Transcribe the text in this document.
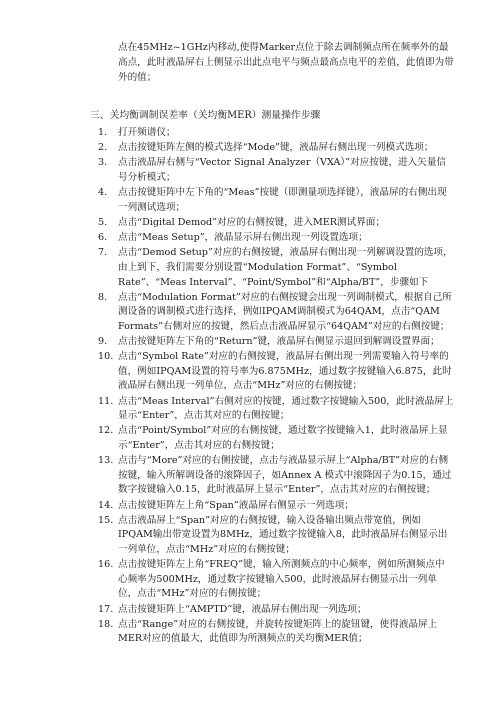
点在45MHz~1GHz内移动,使得Marker点位于除去调制频点所在频率外的最高点，此时液晶屏右上侧显示出此点电平与频点最高点电平的差值，此值即为带外的值；

三、关均衡调制误差率（关均衡MER）测量操作步骤
1.	打开频谱仪；
2.	点击按键矩阵左侧的模式选择“Mode”键，液晶屏右侧出现一列模式选项；
3.	点击液晶屏右侧与“Vector Signal Analyzer（VXA）”对应按键，进入矢量信号分析模式；
4.	点击按键矩阵中左下角的“Meas”按键（即测量项选择键），液晶屏的右侧出现一列测试选项；
5.	点击“Digital Demod”对应的右侧按键，进入MER测试界面；
6.	点击“Meas Setup”，液晶显示屏右侧出现一列设置选项；
7.	点击“Demod Setup”对应的右侧按键，液晶屏右侧出现一列解调设置的选项，由上到下，我们需要分别设置“Modulation Format”、“Symbol Rate”、“Meas Interval”、“Point/Symbol”和“Alpha/BT”，步骤如下
8.	点击“Modulation Format”对应的右侧按键会出现一列调制模式，根据自己所测设备的调制模式进行选择，例如IPQAM调制模式为64QAM，点击“QAM Formats”右侧对应的按键，然后点击液晶屏显示“64QAM”对应的右侧按键；
9.	点击按键矩阵左下角的“Return”键，液晶屏右侧显示退回到解调设置界面；
10. 点击“Symbol Rate”对应的右侧按键，液晶屏右侧出现一列需要输入符号率的值，例如IPQAM设置的符号率为6.875MHz，通过数字按键输入6.875，此时液晶屏右侧出现一列单位，点击“MHz”对应的右侧按键；
11. 点击“Meas Interval”右侧对应的按键，通过数字按键输入500，此时液晶屏上显示“Enter”，点击其对应的右侧按键；
12. 点击“Point/Symbol”对应的右侧按键，通过数字按键输入1，此时液晶屏上显示“Enter”，点击其对应的右侧按键；
13. 点击与“More”对应的右侧按键，点击与液晶显示屏上“Alpha/BT”对应的右侧按键，输入所解调设备的滚降因子，如Annex A 模式中滚降因子为0.15，通过数字按键输入0.15，此时液晶屏上显示“Enter”，点击其对应的右侧按键；
14. 点击按键矩阵左上角“Span”液晶屏右侧显示一列选项；
15. 点击液晶屏上“Span”对应的右侧按键，输入设备输出频点带宽值，例如IPQAM输出带宽设置为8MHz，通过数字按键输入8，此时液晶屏右侧显示出一列单位，点击“MHz”对应的右侧按键；
16. 点击按键矩阵左上角“FREQ”键，输入所测频点的中心频率，例如所测频点中心频率为500MHz，通过数字按键输入500，此时液晶屏右侧显示出一列单位，点击“MHz”对应的右侧按键；
17. 点击按键矩阵上“AMPTD”键，液晶屏右侧出现一列选项；
18. 点击“Range”对应的右侧按键，并旋转按键矩阵上的旋钮键，使得液晶屏上MER对应的值最大，此值即为所测频点的关均衡MER值；
